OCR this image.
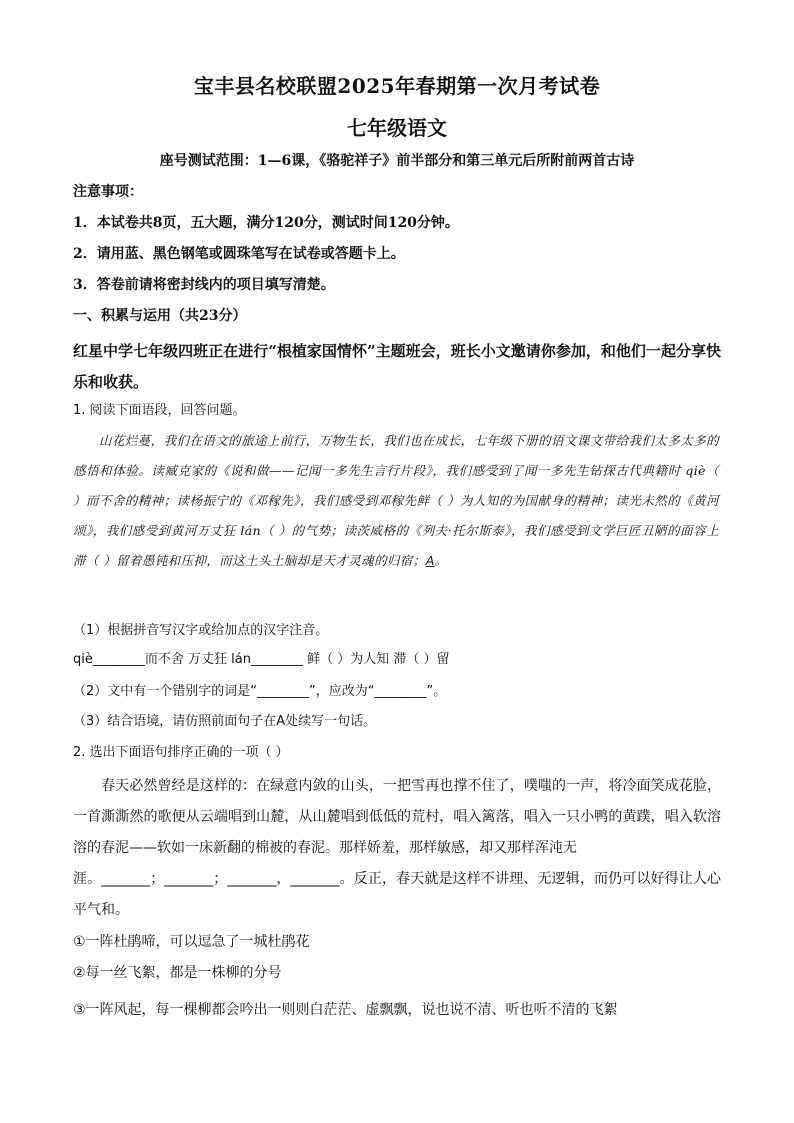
宝丰县名校联盟2025年春期第一次月考试卷
七年级语文
座号测试范围：1—6课，《骆驼祥子》前半部分和第三单元后所附前两首古诗
注意事项：
1．本试卷共8页，五大题，满分120分，测试时间120分钟。
2．请用蓝、黑色钢笔或圆珠笔写在试卷或答题卡上。
3．答卷前请将密封线内的项目填写清楚。
一、积累与运用（共23分）
红星中学七年级四班正在进行“根植家国情怀”主题班会，班长小文邀请你参加，和他们一起分享快乐和收获。
1. 阅读下面语段，回答问题。
山花烂蔓，我们在语文的旅途上前行，万物生长，我们也在成长，七年级下册的语文课文带给我们太多太多的感悟和体验。读臧克家的《说和做——记闻一多先生言行片段》，我们感受到了闻一多先生钻探古代典籍时 qiè（ ）而不舍的精神；读杨振宁的《邓稼先》，我们感受到邓稼先鲜（ ）为人知的为国献身的精神；读光未然的《黄河颂》，我们感受到黄河万丈狂 lán（ ）的气势；读茨威格的《列夫·托尔斯泰》，我们感受到文学巨匠丑陋的面容上滞（ ）留着愚钝和压抑，而这土头土脑却是天才灵魂的归宿；A。
（1）根据拼音写汉字或给加点的汉字注音。
qiè________而不舍 万丈狂 lán________ 鲜（ ）为人知 滞（ ）留
（2）文中有一个错别字的词是“________”，应改为“________”。
（3）结合语境，请仿照前面句子在A处续写一句话。
2. 选出下面语句排序正确的一项（ ）
春天必然曾经是这样的：在绿意内敛的山头，一把雪再也撑不住了，噗嗤的一声，将冷面笑成花脸，一首澌澌然的歌便从云端唱到山麓，从山麓唱到低低的荒村，唱入篱落，唱入一只小鸭的黄蹼，唱入软溶溶的春泥——软如一床新翻的棉被的春泥。那样娇羞，那样敏感，却又那样浑沌无
涯。_______；_______；_______，_______。反正，春天就是这样不讲理、无逻辑，而仍可以好得让人心平气和。
①一阵杜鹃啼，可以逗急了一城杜鹃花
②每一丝飞絮，都是一株柳的分号
③一阵风起，每一棵柳都会吟出一则则白茫茫、虚飘飘，说也说不清、听也听不清的飞絮
